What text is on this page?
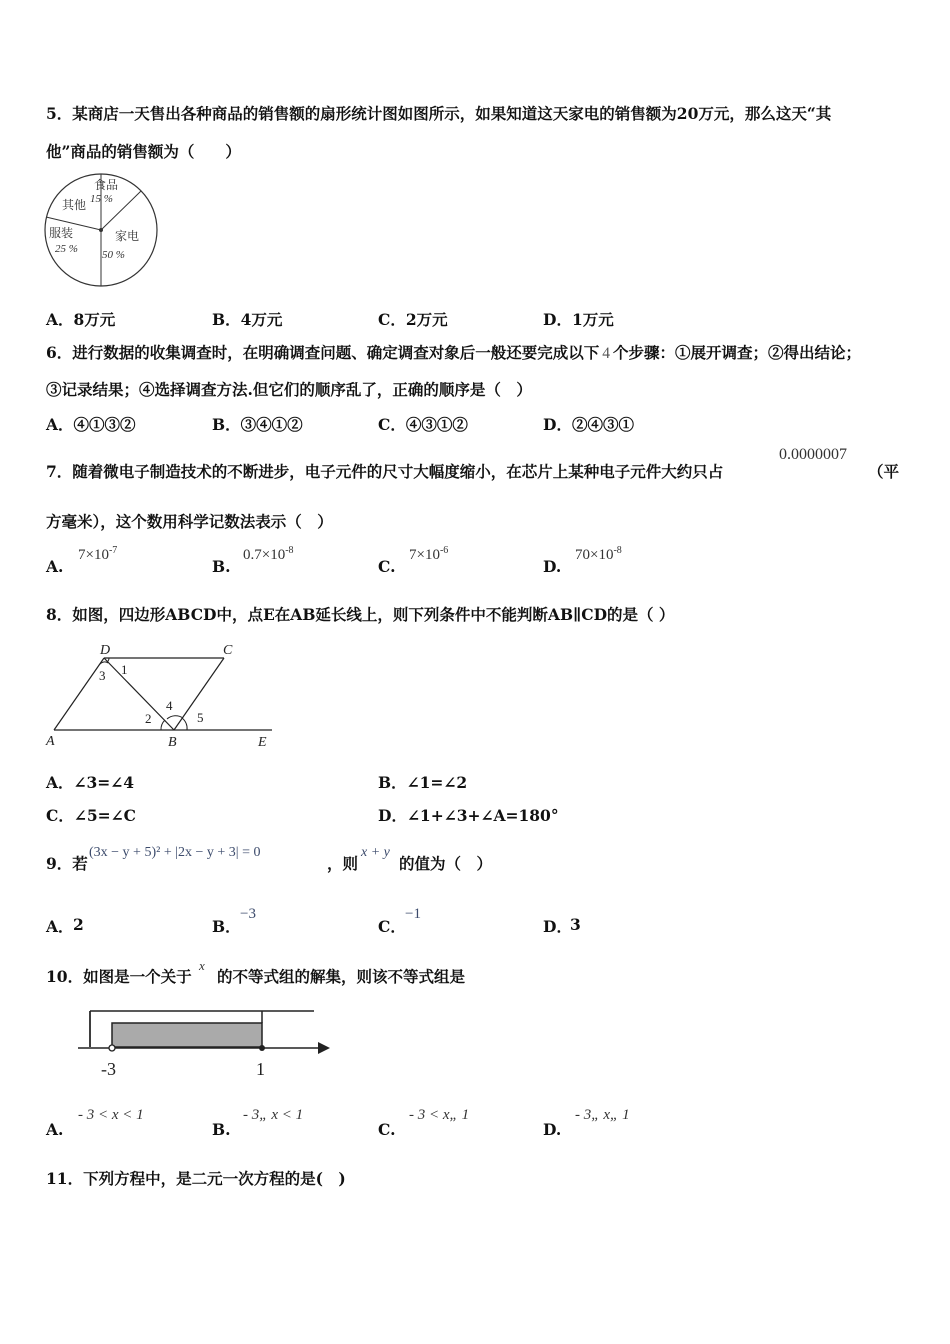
5．某商店一天售出各种商品的销售额的扇形统计图如图所示，如果知道这天家电的销售额为20万元，那么这天“其
他”商品的销售额为（　　）
食品
15 %
其他
服装
25 %
家电
50 %
A．8万元	B．4万元	C．2万元	D．1万元
6．进行数据的收集调查时，在明确调查问题、确定调查对象后一般还要完成以下 4 个步骤：①展开调查；②得出结论；
③记录结果；④选择调查方法.但它们的顺序乱了，正确的顺序是（　）
A．④①③②	B．③④①②	C．④③①②	D．②④③①
7．随着微电子制造技术的不断进步，电子元件的尺寸大幅度缩小，在芯片上某种电子元件大约只占
0.0000007
（平
方毫米），这个数用科学记数法表示（　）
A.
$7\times 10^{-7}$
B.
$0.7\times 10^{-8}$
C.
$7\times 10^{-6}$
D.
$70\times 10^{-8}$
8．如图，四边形ABCD中，点E在AB延长线上，则下列条件中不能判断AB∥CD的是（ ）
D	C
A	B	E
1
3
4
2	5
A．∠3=∠4	B．∠1=∠2
C．∠5=∠C	D．∠1+∠3+∠A=180°
9．若
(3x − y + 5)² + |2x − y + 3| = 0
，则
x + y
的值为（　）
A． 2	B．
−3
C．
−1
D．
3
10．如图是一个关于
x
的不等式组的解集，则该不等式组是
-3	1
A.
- 3 < x < 1
B.
- 3„ x < 1
C.
- 3 < x„ 1
D.
- 3„ x„ 1
11．下列方程中，是二元一次方程的是(　)
